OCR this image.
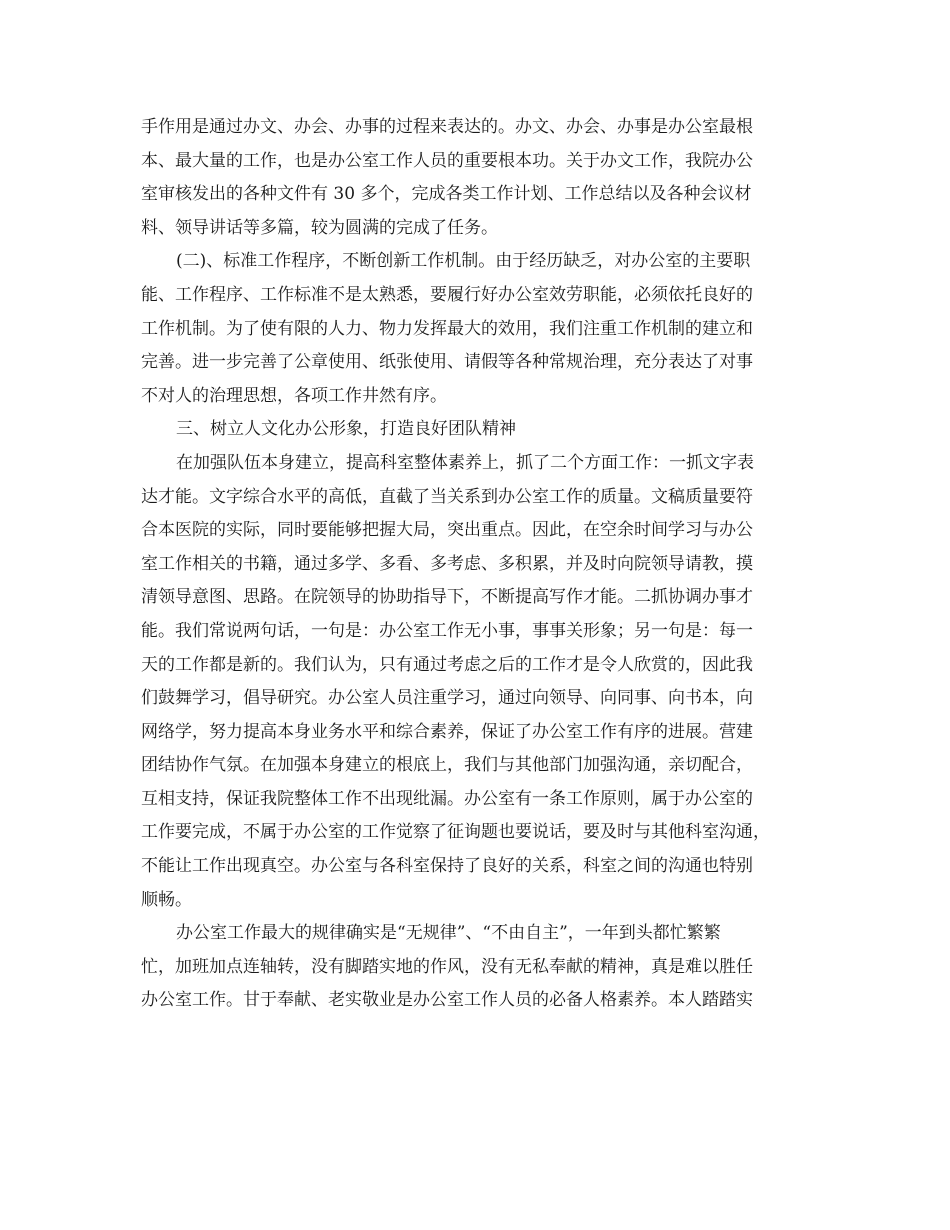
手作用是通过办文、办会、办事的过程来表达的。办文、办会、办事是办公室最根
本、最大量的工作，也是办公室工作人员的重要根本功。关于办文工作，我院办公
室审核发出的各种文件有 30 多个，完成各类工作计划、工作总结以及各种会议材
料、领导讲话等多篇，较为圆满的完成了任务。
(二)、标准工作程序，不断创新工作机制。由于经历缺乏，对办公室的主要职
能、工作程序、工作标准不是太熟悉，要履行好办公室效劳职能，必须依托良好的
工作机制。为了使有限的人力、物力发挥最大的效用，我们注重工作机制的建立和
完善。进一步完善了公章使用、纸张使用、请假等各种常规治理，充分表达了对事
不对人的治理思想，各项工作井然有序。
三、树立人文化办公形象，打造良好团队精神
在加强队伍本身建立，提高科室整体素养上，抓了二个方面工作：一抓文字表
达才能。文字综合水平的高低，直截了当关系到办公室工作的质量。文稿质量要符
合本医院的实际，同时要能够把握大局，突出重点。因此，在空余时间学习与办公
室工作相关的书籍，通过多学、多看、多考虑、多积累，并及时向院领导请教，摸
清领导意图、思路。在院领导的协助指导下，不断提高写作才能。二抓协调办事才
能。我们常说两句话，一句是：办公室工作无小事，事事关形象；另一句是：每一
天的工作都是新的。我们认为，只有通过考虑之后的工作才是令人欣赏的，因此我
们鼓舞学习，倡导研究。办公室人员注重学习，通过向领导、向同事、向书本，向
网络学，努力提高本身业务水平和综合素养，保证了办公室工作有序的进展。营建
团结协作气氛。在加强本身建立的根底上，我们与其他部门加强沟通，亲切配合，
互相支持，保证我院整体工作不出现纰漏。办公室有一条工作原则，属于办公室的
工作要完成，不属于办公室的工作觉察了征询题也要说话，要及时与其他科室沟通，
不能让工作出现真空。办公室与各科室保持了良好的关系，科室之间的沟通也特别
顺畅。
办公室工作最大的规律确实是“无规律”、“不由自主”，一年到头都忙繁繁
忙，加班加点连轴转，没有脚踏实地的作风，没有无私奉献的精神，真是难以胜任
办公室工作。甘于奉献、老实敬业是办公室工作人员的必备人格素养。本人踏踏实
